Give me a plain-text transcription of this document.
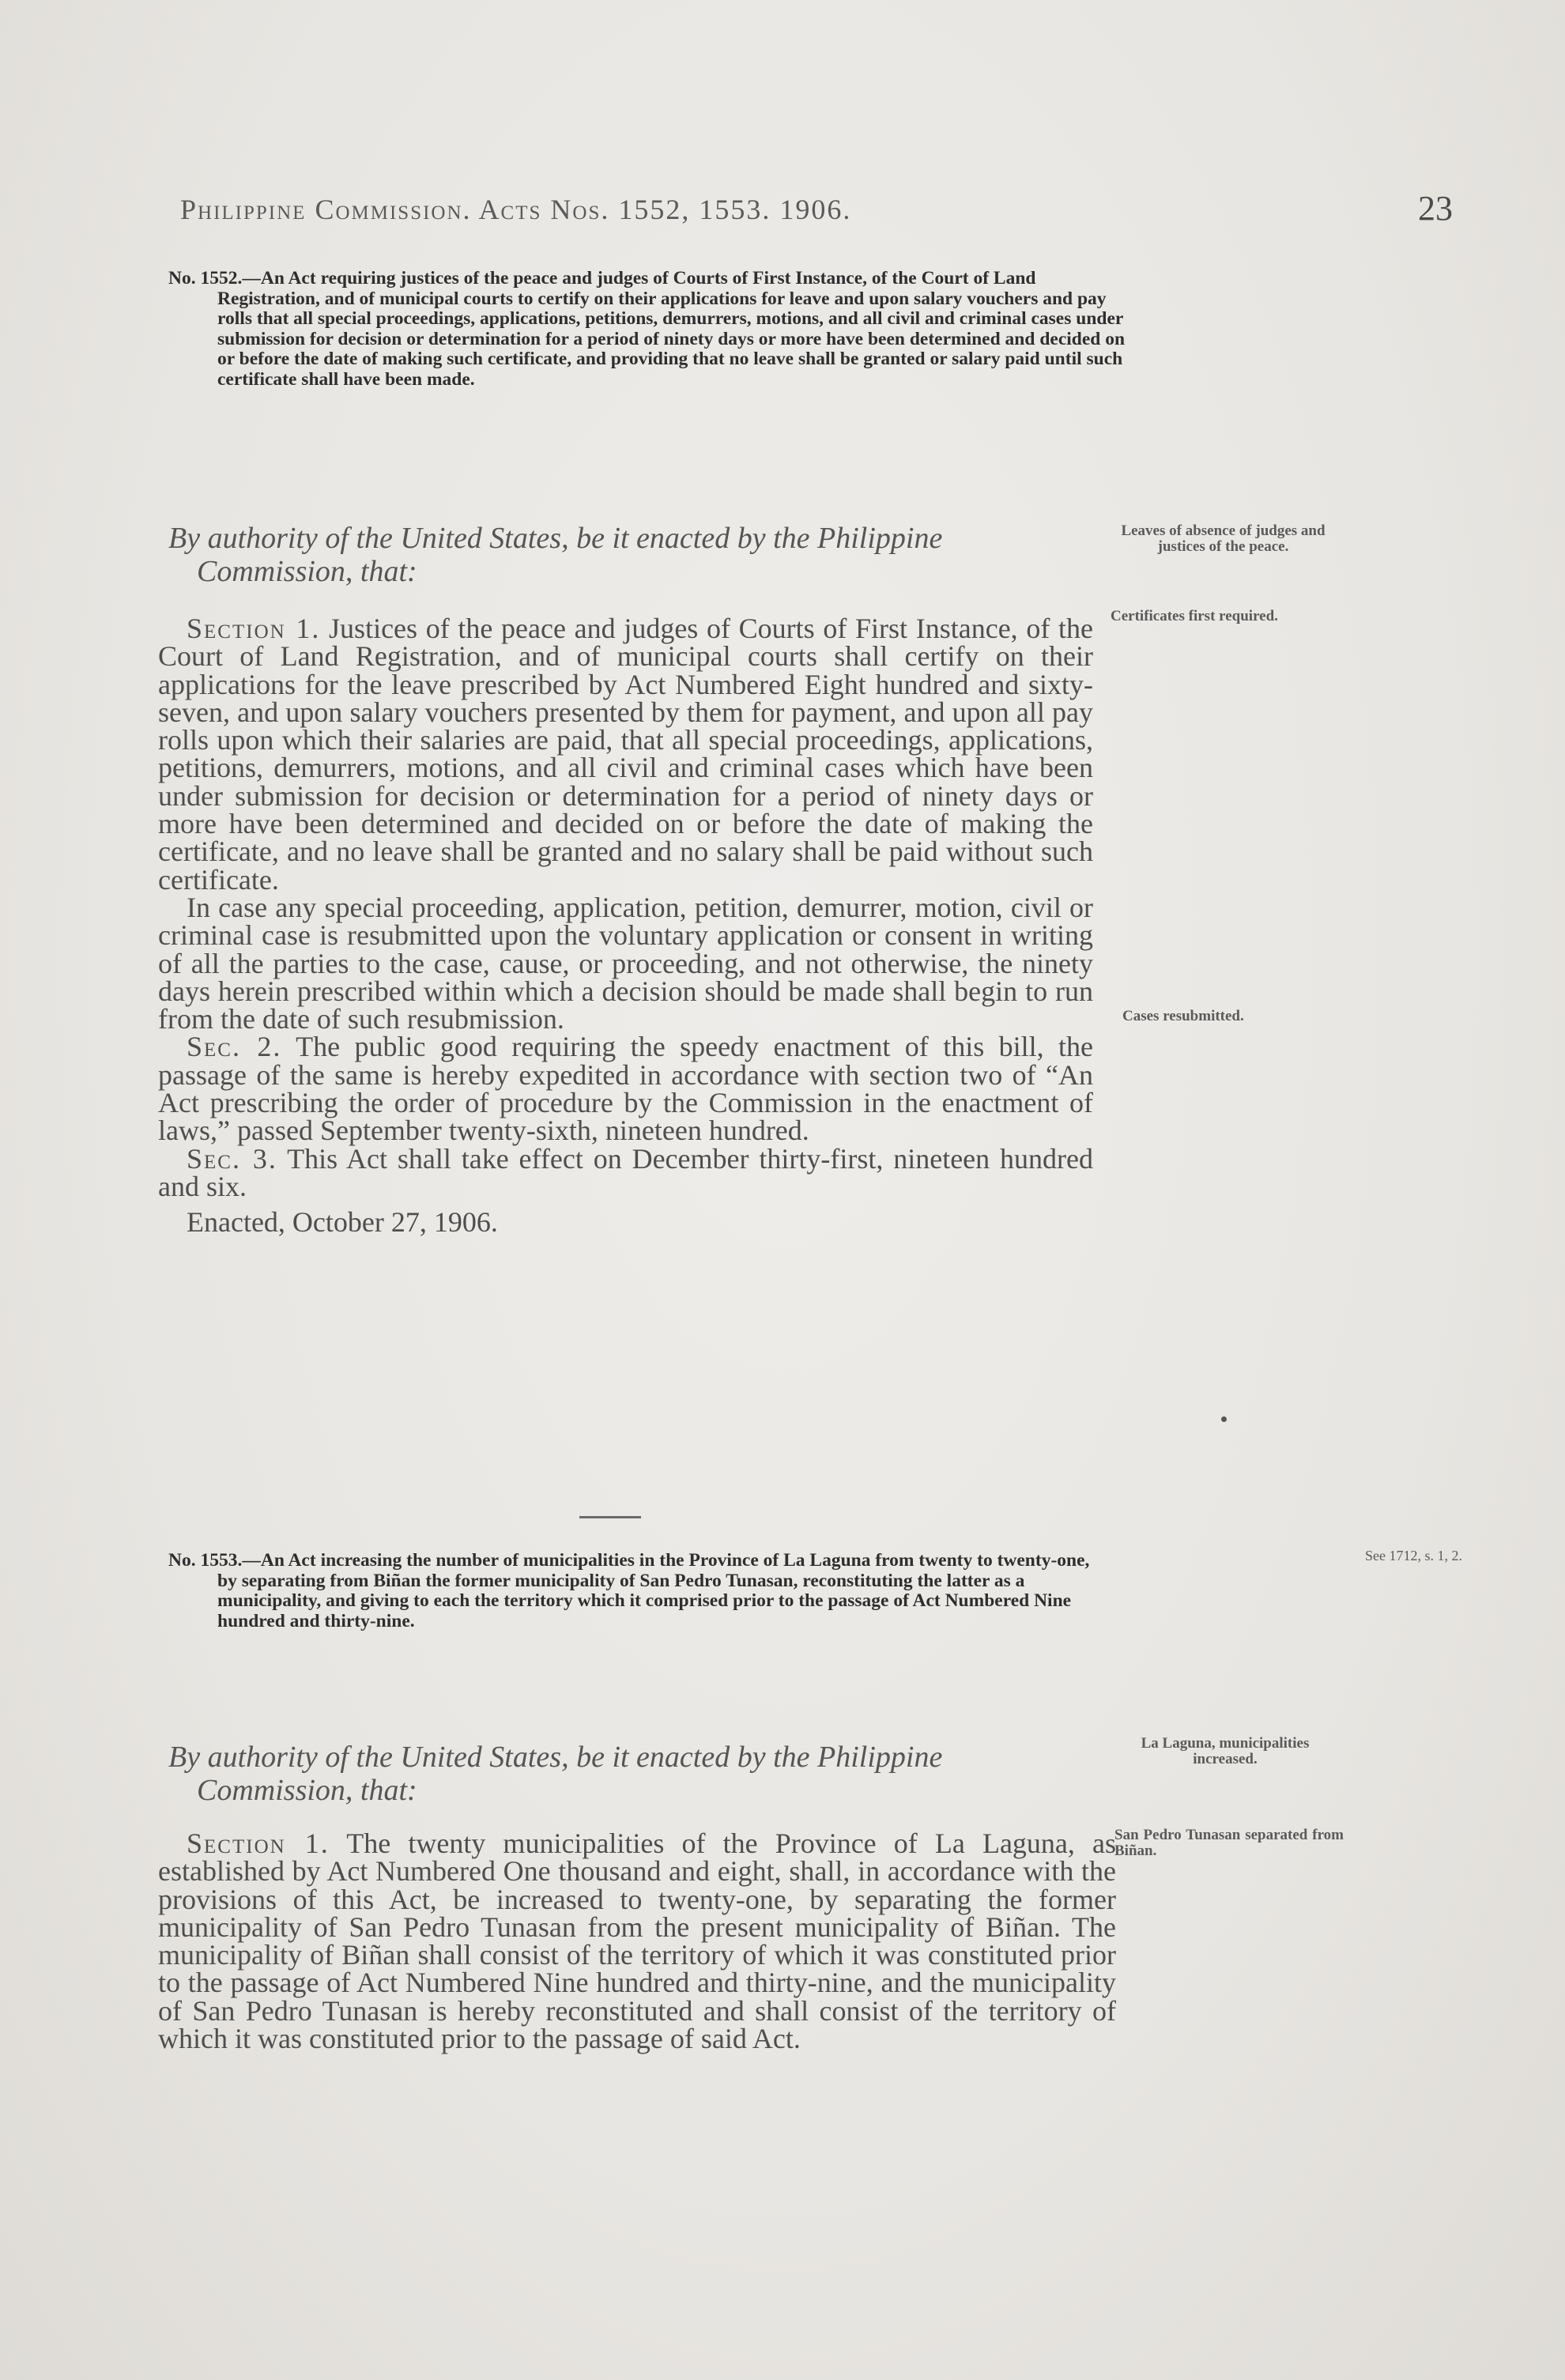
Philippine Commission. Acts Nos. 1552, 1553. 1906.	23
No. 1552.—An Act requiring justices of the peace and judges of Courts of First Instance, of the Court of Land Registration, and of municipal courts to certify on their applications for leave and upon salary vouchers and pay rolls that all special proceedings, applications, petitions, demurrers, motions, and all civil and criminal cases under submission for decision or determination for a period of ninety days or more have been determined and decided on or before the date of making such certificate, and providing that no leave shall be granted or salary paid until such certificate shall have been made.
By authority of the United States, be it enacted by the Philippine Commission, that:

Section 1. Justices of the peace and judges of Courts of First Instance, of the Court of Land Registration, and of municipal courts shall certify on their applications for the leave prescribed by Act Numbered Eight hundred and sixty-seven, and upon salary vouchers presented by them for payment, and upon all pay rolls upon which their salaries are paid, that all special proceedings, applications, petitions, demurrers, motions, and all civil and criminal cases which have been under submission for decision or determination for a period of ninety days or more have been determined and decided on or before the date of making the certificate, and no leave shall be granted and no salary shall be paid without such certificate.

In case any special proceeding, application, petition, demurrer, motion, civil or criminal case is resubmitted upon the voluntary application or consent in writing of all the parties to the case, cause, or proceeding, and not otherwise, the ninety days herein prescribed within which a decision should be made shall begin to run from the date of such resubmission.

Sec. 2. The public good requiring the speedy enactment of this bill, the passage of the same is hereby expedited in accordance with section two of “An Act prescribing the order of procedure by the Commission in the enactment of laws,” passed September twenty-sixth, nineteen hundred.

Sec. 3. This Act shall take effect on December thirty-first, nineteen hundred and six.

Enacted, October 27, 1906.

No. 1553.—An Act increasing the number of municipalities in the Province of La Laguna from twenty to twenty-one, by separating from Biñan the former municipality of San Pedro Tunasan, reconstituting the latter as a municipality, and giving to each the territory which it comprised prior to the passage of Act Numbered Nine hundred and thirty-nine.
By authority of the United States, be it enacted by the Philippine Commission, that:

Section 1. The twenty municipalities of the Province of La Laguna, as established by Act Numbered One thousand and eight, shall, in accordance with the provisions of this Act, be increased to twenty-one, by separating the former municipality of San Pedro Tunasan from the present municipality of Biñan. The municipality of Biñan shall consist of the territory of which it was constituted prior to the passage of Act Numbered Nine hundred and thirty-nine, and the municipality of San Pedro Tunasan is hereby reconstituted and shall consist of the territory of which it was constituted prior to the passage of said Act.

Leaves of absence of judges and justices of the peace.
Certificates first required.
Cases resubmitted.
See 1712, s. 1, 2.
La Laguna, municipalities increased.
San Pedro Tunasan separated from Biñan.
